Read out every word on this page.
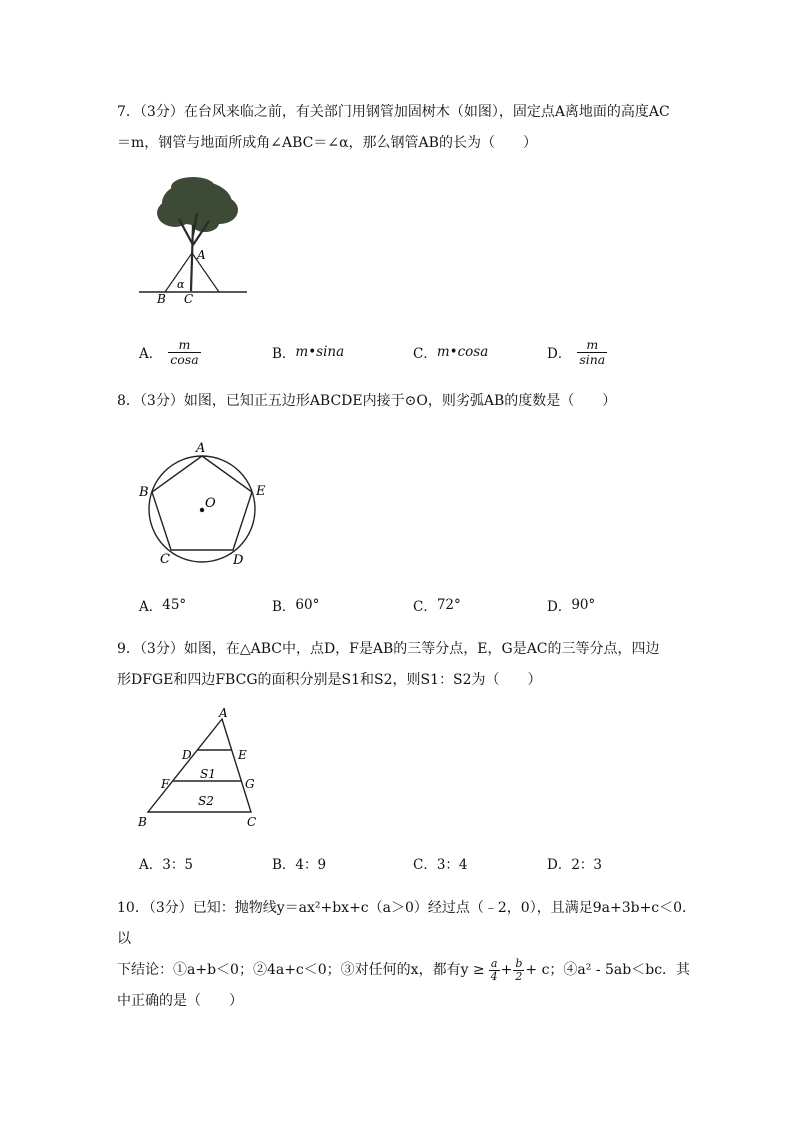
7．（3分）在台风来临之前，有关部门用钢管加固树木（如图），固定点A离地面的高度AC
＝m，钢管与地面所成角∠ABC＝∠α，那么钢管AB的长为（　　）
A
B C
α
A． $\frac{m}{\cos a}$	B． m•sina	C． m•cosa	D． $\frac{m}{\sin a}$
8．（3分）如图，已知正五边形ABCDE内接于⊙O，则劣弧AB的度数是（　　）
A
B	E
C	D
O
A． 45°	B． 60°	C． 72°	D． 90°
9．（3分）如图，在△ABC中，点D，F是AB的三等分点，E，G是AC的三等分点，四边
形DFGE和四边FBCG的面积分别是S1和S2，则S1：S2为（　　）
A
D	E
F	G
S1
S2
B	C
A． 3：5	B． 4：9	C． 3：4	D． 2：3
10．（3分）已知：抛物线y＝ax²+bx+c（a＞0）经过点（﹣2，0），且满足9a+3b+c＜0．以
下结论：①a+b＜0；②4a+c＜0；③对任何的x，都有$y \ge \frac{a}{4} + \frac{b}{2} + c$；④a² - 5ab＜bc．其
中正确的是（　　）
